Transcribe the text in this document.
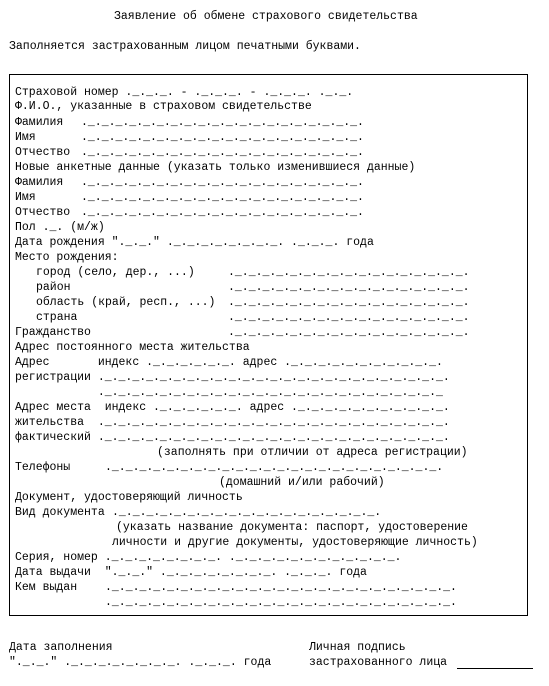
Заявление об обмене страхового свидетельства
Заполняется застрахованным лицом печатными буквами.
Страховой номер ._._._. - ._._._. - ._._._. ._._.
Ф.И.О., указанные в страховом свидетельстве
Фамилия ._._._._._._._._._._._._._._._._._._._._.
Имя	._._._._._._._._._._._._._._._._._._._._.
Отчество ._._._._._._._._._._._._._._._._._._._._.
Новые анкетные данные (указать только изменившиеся данные)
Фамилия ._._._._._._._._._._._._._._._._._._._._.
Имя	._._._._._._._._._._._._._._._._._._._._.
Отчество ._._._._._._._._._._._._._._._._._._._._.
Пол ._. (м/ж)
Дата рождения "._._." ._._._._._._._._. ._._._. года
Место рождения:
город (село, дер., ...)	._._._._._._._._._._._._._._._._._.
район	._._._._._._._._._._._._._._._._._.
область (край, респ., ...) ._._._._._._._._._._._._._._._._._.
страна	._._._._._._._._._._._._._._._._._.
Гражданство	._._._._._._._._._._._._._._._._._.
Адрес постоянного места жительства
Адрес       индекс ._._._._._._. адрес ._._._._._._._._._._._.
регистрации ._._._._._._._._._._._._._._._._._._._._._._._._._.
._._._._._._._._._._._._._._._._._._._._._._._._._
Адрес места  индекс ._._._._._._. адрес ._._._._._._._._._._._.
жительства  ._._._._._._._._._._._._._._._._._._._._._._._._._.
фактический ._._._._._._._._._._._._._._._._._._._._._._._._._.
(заполнять при отличии от адреса регистрации)
Телефоны	._._._._._._._._._._._._._._._._._._._._._._._._.
(домашний и/или рабочий)
Документ, удостоверяющий личность
Вид документа ._._._._._._._._._._._._._._._._._._._.
(указать название документа: паспорт, удостоверение
личности и другие документы, удостоверяющие личность)
Серия, номер ._._._._._._._._. ._._._._._._._._._._._._.
Дата выдачи  "._._." ._._._._._._._._. ._._._. года
Кем выдан ._._._._._._._._._._._._._._._._._._._._._._._._._.
._._._._._._._._._._._._._._._._._._._._._._._._._.
Дата заполнения
"._._." ._._._._._._._._. ._._._. года
Личная подпись
застрахованного лица
